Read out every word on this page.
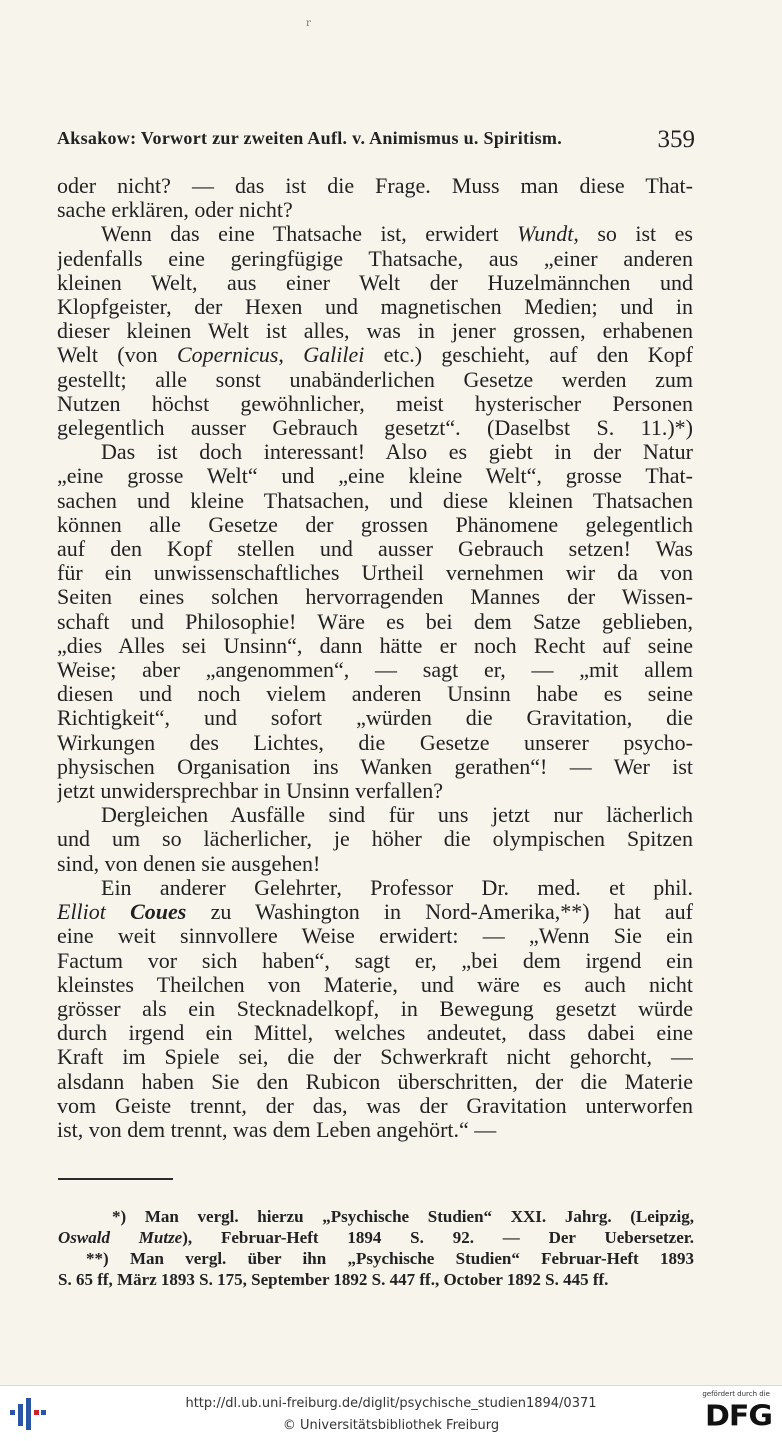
r
Aksakow: Vorwort zur zweiten Aufl. v. Animismus u. Spiritism.	359
oder nicht? — das ist die Frage. Muss man diese That-
sache erklären, oder nicht?
Wenn das eine Thatsache ist, erwidert Wundt, so ist es
jedenfalls eine geringfügige Thatsache, aus „einer anderen
kleinen Welt, aus einer Welt der Huzelmännchen und
Klopfgeister, der Hexen und magnetischen Medien; und in
dieser kleinen Welt ist alles, was in jener grossen, erhabenen
Welt (von Copernicus, Galilei etc.) geschieht, auf den Kopf
gestellt; alle sonst unabänderlichen Gesetze werden zum
Nutzen höchst gewöhnlicher, meist hysterischer Personen
gelegentlich ausser Gebrauch gesetzt“. (Daselbst S. 11.)*)
Das ist doch interessant! Also es giebt in der Natur
„eine grosse Welt“ und „eine kleine Welt“, grosse That-
sachen und kleine Thatsachen, und diese kleinen Thatsachen
können alle Gesetze der grossen Phänomene gelegentlich
auf den Kopf stellen und ausser Gebrauch setzen! Was
für ein unwissenschaftliches Urtheil vernehmen wir da von
Seiten eines solchen hervorragenden Mannes der Wissen-
schaft und Philosophie! Wäre es bei dem Satze geblieben,
„dies Alles sei Unsinn“, dann hätte er noch Recht auf seine
Weise; aber „angenommen“, — sagt er, — „mit allem
diesen und noch vielem anderen Unsinn habe es seine
Richtigkeit“, und sofort „würden die Gravitation, die
Wirkungen des Lichtes, die Gesetze unserer psycho-
physischen Organisation ins Wanken gerathen“! — Wer ist
jetzt unwidersprechbar in Unsinn verfallen?
Dergleichen Ausfälle sind für uns jetzt nur lächerlich
und um so lächerlicher, je höher die olympischen Spitzen
sind, von denen sie ausgehen!
Ein anderer Gelehrter, Professor Dr. med. et phil.
Elliot Coues zu Washington in Nord-Amerika,**) hat auf
eine weit sinnvollere Weise erwidert: — „Wenn Sie ein
Factum vor sich haben“, sagt er, „bei dem irgend ein
kleinstes Theilchen von Materie, und wäre es auch nicht
grösser als ein Stecknadelkopf, in Bewegung gesetzt würde
durch irgend ein Mittel, welches andeutet, dass dabei eine
Kraft im Spiele sei, die der Schwerkraft nicht gehorcht, —
alsdann haben Sie den Rubicon überschritten, der die Materie
vom Geiste trennt, der das, was der Gravitation unterworfen
ist, von dem trennt, was dem Leben angehört.“ —
*) Man vergl. hierzu „Psychische Studien“ XXI. Jahrg. (Leipzig,
Oswald Mutze), Februar-Heft 1894 S. 92. — Der Uebersetzer.
**) Man vergl. über ihn „Psychische Studien“ Februar-Heft 1893
S. 65 ff, März 1893 S. 175, September 1892 S. 447 ff., October 1892 S. 445 ff.
http://dl.ub.uni-freiburg.de/diglit/psychische_studien1894/0371
© Universitätsbibliothek Freiburg
gefördert durch die
DFG
